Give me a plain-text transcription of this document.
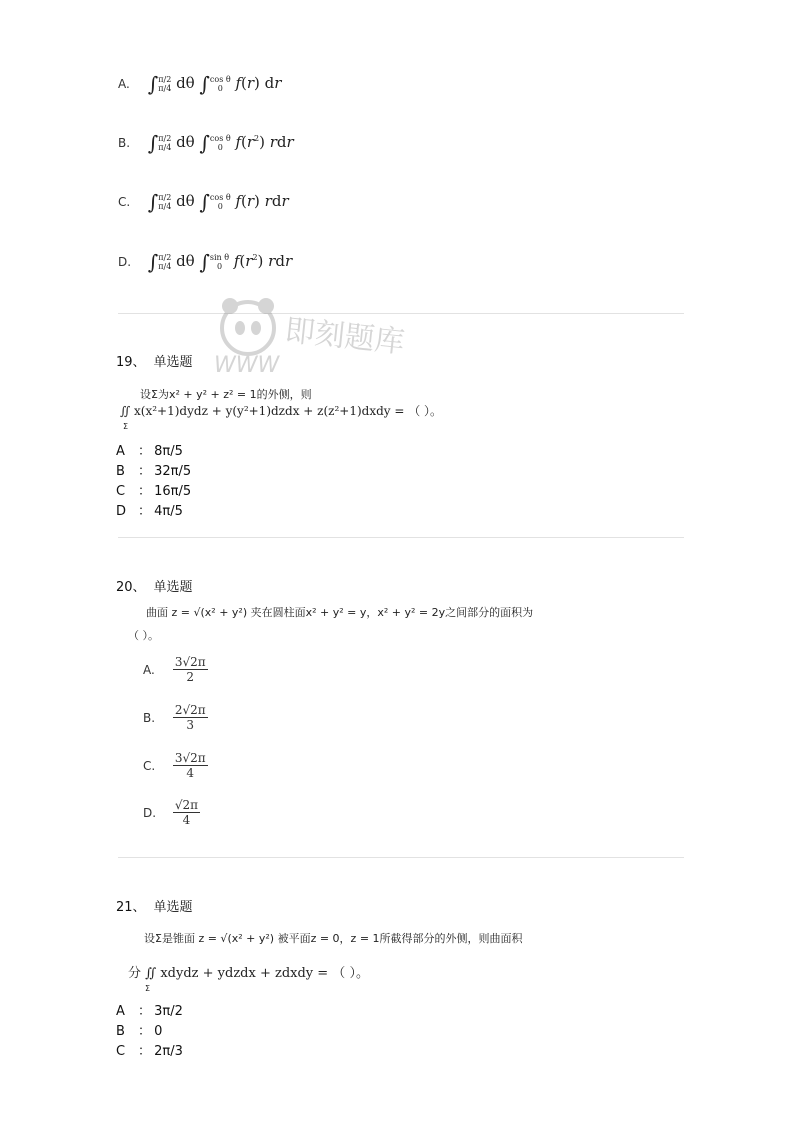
A. ∫ π/2
π/4 dθ ∫ cos θ
0 f(r) dr
B. ∫ π/2
π/4 dθ ∫ cos θ
0 $f(r^2)$ rdr
C. ∫ π/2
π/4 dθ ∫ cos θ
0 f(r) rdr
D. ∫ π/2
π/4 dθ ∫ sin θ
0 $f(r^2)$ rdr
即刻题库
WWW
19、 单选题
设Σ为x² + y² + z² = 1的外侧，则
∬ x(x²+1)dydz + y(y²+1)dzdx + z(z²+1)dxdy = （ ）。
Σ
A ： 8π/5
B ： 32π/5
C ： 16π/5
D ： 4π/5
20、 单选题
曲面 z = √(x² + y²) 夹在圆柱面x² + y² = y，x² + y² = 2y之间部分的面积为
（ ）。
A. $\frac{3√2\pi}{2}$
B. $\frac{2√2\pi}{3}$
C. $\frac{3√2\pi}{4}$
D. $\frac{√2\pi}{4}$
21、 单选题
设Σ是锥面 z = √(x² + y²) 被平面z = 0，z = 1所截得部分的外侧，则曲面积
分 ∬ xdydz + ydzdx + zdxdy = （ ）。
Σ
A ： 3π/2
B ： 0
C ： 2π/3
